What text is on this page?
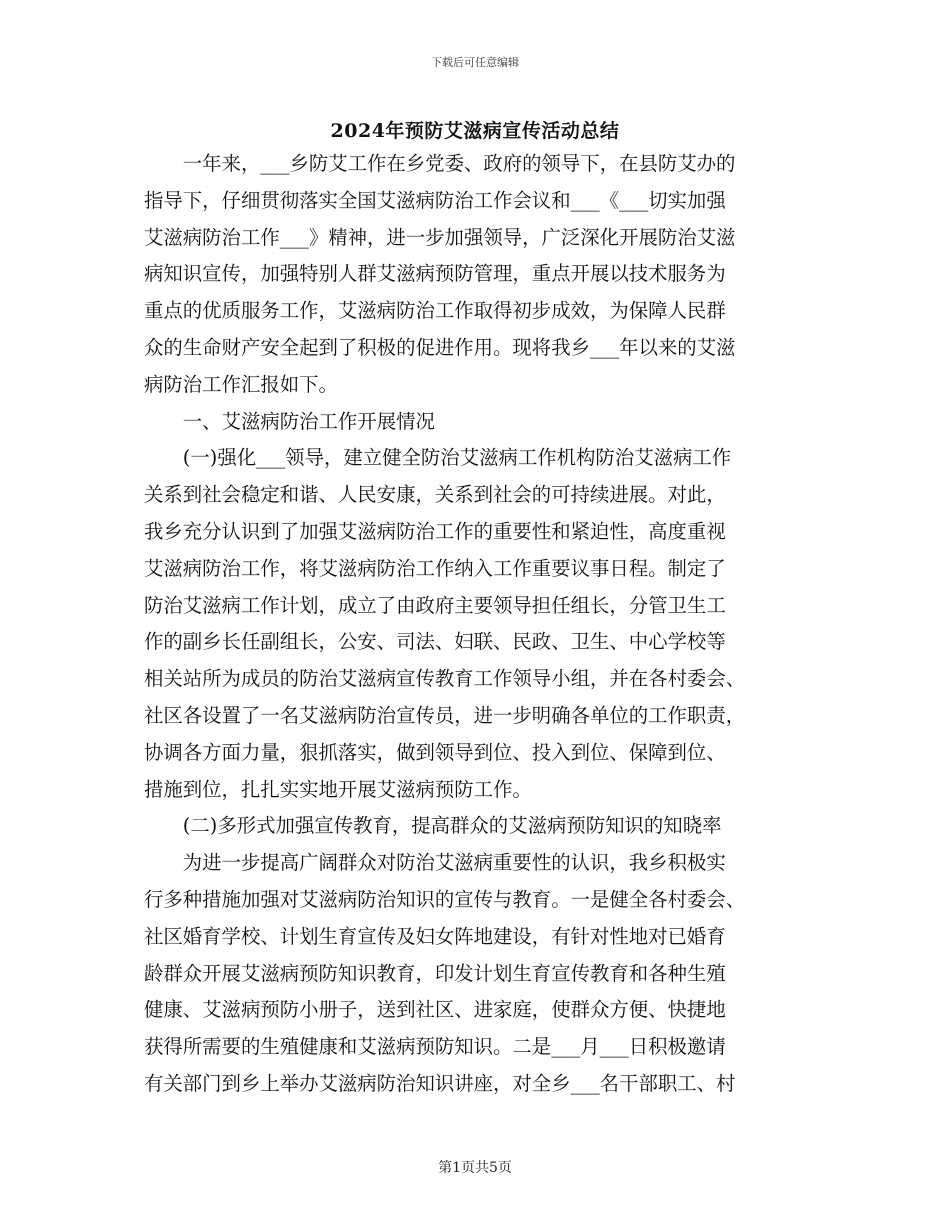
下载后可任意编辑
2024年预防艾滋病宣传活动总结

一年来，___乡防艾工作在乡党委、政府的领导下，在县防艾办的

指导下，仔细贯彻落实全国艾滋病防治工作会议和___《___切实加强

艾滋病防治工作___》精神，进一步加强领导，广泛深化开展防治艾滋

病知识宣传，加强特别人群艾滋病预防管理，重点开展以技术服务为

重点的优质服务工作，艾滋病防治工作取得初步成效，为保障人民群

众的生命财产安全起到了积极的促进作用。现将我乡___年以来的艾滋

病防治工作汇报如下。

一、艾滋病防治工作开展情况

(一)强化___领导，建立健全防治艾滋病工作机构防治艾滋病工作

关系到社会稳定和谐、人民安康，关系到社会的可持续进展。对此，

我乡充分认识到了加强艾滋病防治工作的重要性和紧迫性，高度重视

艾滋病防治工作，将艾滋病防治工作纳入工作重要议事日程。制定了

防治艾滋病工作计划，成立了由政府主要领导担任组长，分管卫生工

作的副乡长任副组长，公安、司法、妇联、民政、卫生、中心学校等

相关站所为成员的防治艾滋病宣传教育工作领导小组，并在各村委会、

社区各设置了一名艾滋病防治宣传员，进一步明确各单位的工作职责，

协调各方面力量，狠抓落实，做到领导到位、投入到位、保障到位、

措施到位，扎扎实实地开展艾滋病预防工作。

(二)多形式加强宣传教育，提高群众的艾滋病预防知识的知晓率

为进一步提高广阔群众对防治艾滋病重要性的认识，我乡积极实

行多种措施加强对艾滋病防治知识的宣传与教育。一是健全各村委会、

社区婚育学校、计划生育宣传及妇女阵地建设，有针对性地对已婚育

龄群众开展艾滋病预防知识教育，印发计划生育宣传教育和各种生殖

健康、艾滋病预防小册子，送到社区、进家庭，使群众方便、快捷地

获得所需要的生殖健康和艾滋病预防知识。二是___月___日积极邀请

有关部门到乡上举办艾滋病防治知识讲座，对全乡___名干部职工、村

第1页共5页
